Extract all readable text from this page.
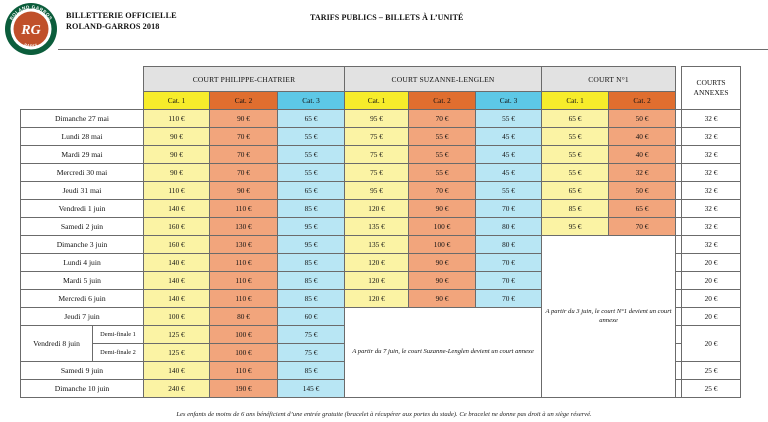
RG
ROLAND GARROS
PARIS
BILLETTERIE OFFICIELLE
ROLAND-GARROS 2018
TARIFS PUBLICS – BILLETS À L’UNITÉ
		COURT PHILIPPE-CHATRIER			COURT SUZANNE-LENGLEN			COURT N°1			COURTS ANNEXES
		Cat. 1	Cat. 2	Cat. 3	Cat. 1	Cat. 2	Cat. 3	Cat. 1	Cat. 2		
Dimanche 27 mai		110 €	90 €	65 €	95 €	70 €	55 €	65 €	50 €		32 €
Lundi 28 mai		90 €	70 €	55 €	75 €	55 €	45 €	55 €	40 €		32 €
Mardi 29 mai		90 €	70 €	55 €	75 €	55 €	45 €	55 €	40 €		32 €
Mercredi 30 mai		90 €	70 €	55 €	75 €	55 €	45 €	55 €	32 €		32 €
Jeudi 31 mai		110 €	90 €	65 €	95 €	70 €	55 €	65 €	50 €		32 €
Vendredi 1 juin		140 €	110 €	85 €	120 €	90 €	70 €	85 €	65 €		32 €
Samedi 2 juin		160 €	130 €	95 €	135 €	100 €	80 €	95 €	70 €		32 €
Dimanche 3 juin		160 €	130 €	95 €	135 €	100 €	80 €	A partir du 3 juin, le court N°1 devient un court annexe			32 €
Lundi 4 juin		140 €	110 €	85 €	120 €	90 €	70 €				20 €
Mardi 5 juin		140 €	110 €	85 €	120 €	90 €	70 €				20 €
Mercredi 6 juin		140 €	110 €	85 €	120 €	90 €	70 €				20 €
Jeudi 7 juin		100 €	80 €	60 €	A partir du 7 juin, le court Suzanne-Lenglen devient un court annexe						20 €
Vendredi 8 juin	Demi-finale 1	125 €	100 €	75 €							20 €
	Demi-finale 2	125 €	100 €	75 €							
Samedi 9 juin		140 €	110 €	85 €							25 €
Dimanche 10 juin		240 €	190 €	145 €							25 €
Les enfants de moins de 6 ans bénéficient d’une entrée gratuite (bracelet à récupérer aux portes du stade). Ce bracelet ne donne pas droit à un siège réservé.
